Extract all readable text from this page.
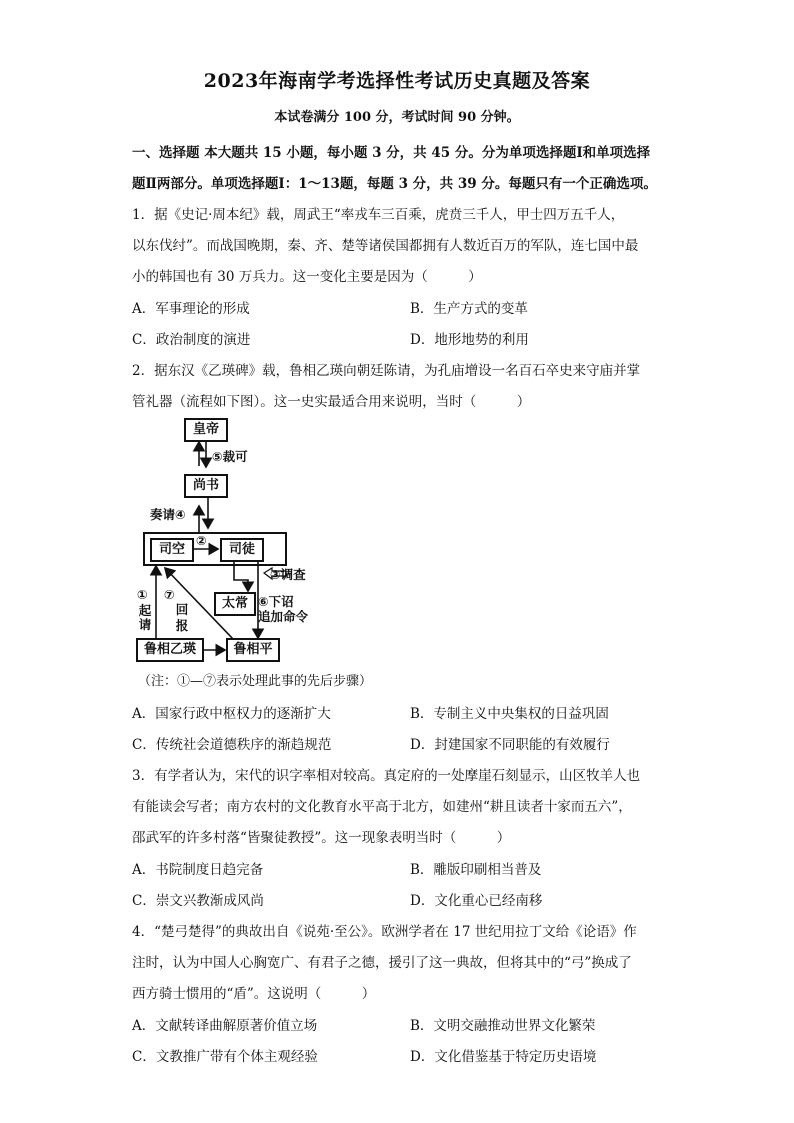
2023年海南学考选择性考试历史真题及答案
本试卷满分 100 分，考试时间 90 分钟。
一、选择题 本大题共 15 小题，每小题 3 分，共 45 分。分为单项选择题Ⅰ和单项选择
题Ⅱ两部分。单项选择题Ⅰ：1～13题，每题 3 分，共 39 分。每题只有一个正确选项。
1．据《史记·周本纪》载，周武王“率戎车三百乘，虎贲三千人，甲士四万五千人，
以东伐纣”。而战国晚期，秦、齐、楚等诸侯国都拥有人数近百万的军队，连七国中最
小的韩国也有 30 万兵力。这一变化主要是因为（　　　）
A．军事理论的形成	B．生产方式的变革
C．政治制度的演进	D．地形地势的利用
2．据东汉《乙瑛碑》载，鲁相乙瑛向朝廷陈请，为孔庙增设一名百石卒史来守庙并掌
管礼器（流程如下图）。这一史实最适合用来说明，当时（　　　）
皇帝
尚书
司空	司徒
太常
鲁相乙瑛	鲁相平
⑤裁可
奏请④
②
③调查
①
起请
⑦
回报
⑥下诏
追加命令
（注：①—⑦表示处理此事的先后步骤）
A．国家行政中枢权力的逐渐扩大	B．专制主义中央集权的日益巩固
C．传统社会道德秩序的渐趋规范	D．封建国家不同职能的有效履行
3．有学者认为，宋代的识字率相对较高。真定府的一处摩崖石刻显示，山区牧羊人也
有能读会写者；南方农村的文化教育水平高于北方，如建州“耕且读者十家而五六”，
邵武军的许多村落“皆聚徒教授”。这一现象表明当时（　　　）
A．书院制度日趋完备	B．雕版印刷相当普及
C．崇文兴教渐成风尚	D．文化重心已经南移
4．“楚弓楚得”的典故出自《说苑·至公》。欧洲学者在 17 世纪用拉丁文给《论语》作
注时，认为中国人心胸宽广、有君子之德，援引了这一典故，但将其中的“弓”换成了
西方骑士惯用的“盾”。这说明（　　　）
A．文献转译曲解原著价值立场	B．文明交融推动世界文化繁荣
C．文教推广带有个体主观经验	D．文化借鉴基于特定历史语境
